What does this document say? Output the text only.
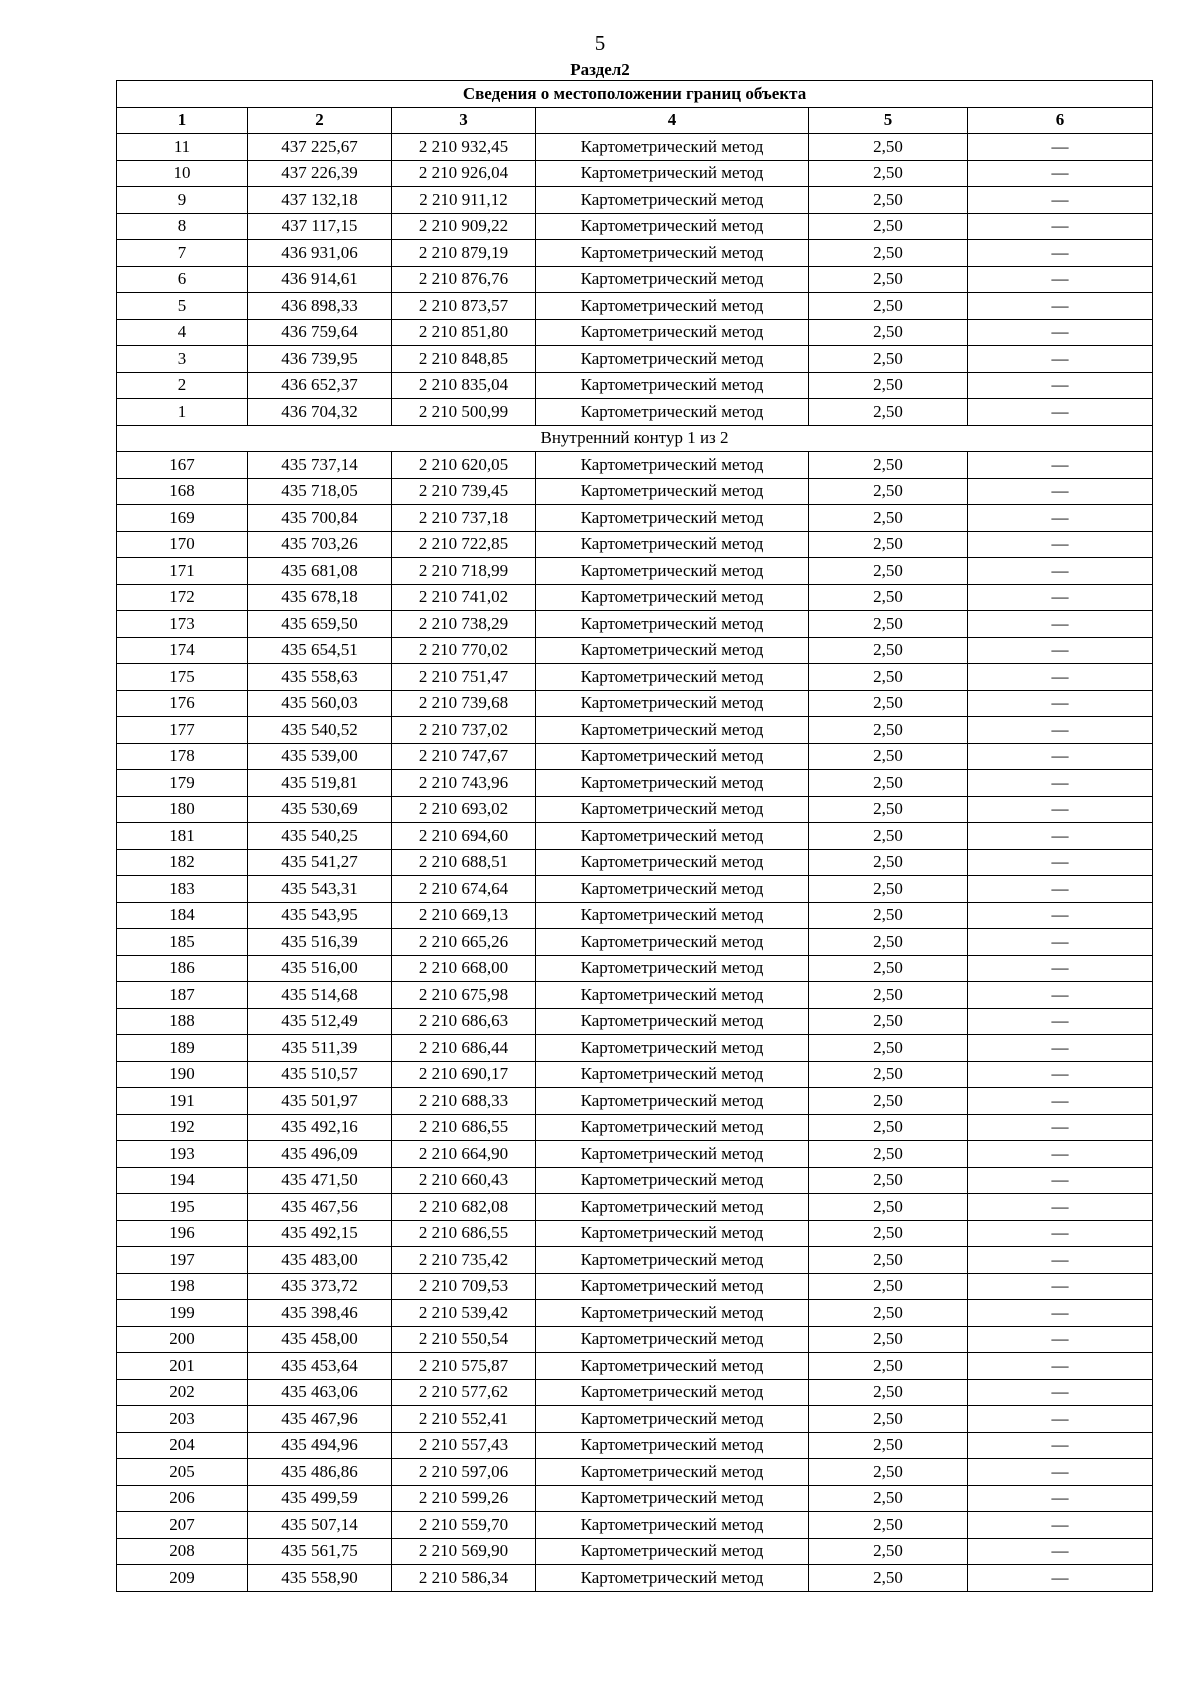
5
Раздел2
Сведения о местоположении границ объекта					
1	2	3	4	5	6
11	437 225,67	2 210 932,45	Картометрический метод	2,50	—
10	437 226,39	2 210 926,04	Картометрический метод	2,50	—
9	437 132,18	2 210 911,12	Картометрический метод	2,50	—
8	437 117,15	2 210 909,22	Картометрический метод	2,50	—
7	436 931,06	2 210 879,19	Картометрический метод	2,50	—
6	436 914,61	2 210 876,76	Картометрический метод	2,50	—
5	436 898,33	2 210 873,57	Картометрический метод	2,50	—
4	436 759,64	2 210 851,80	Картометрический метод	2,50	—
3	436 739,95	2 210 848,85	Картометрический метод	2,50	—
2	436 652,37	2 210 835,04	Картометрический метод	2,50	—
1	436 704,32	2 210 500,99	Картометрический метод	2,50	—
Внутренний контур 1 из 2					
167	435 737,14	2 210 620,05	Картометрический метод	2,50	—
168	435 718,05	2 210 739,45	Картометрический метод	2,50	—
169	435 700,84	2 210 737,18	Картометрический метод	2,50	—
170	435 703,26	2 210 722,85	Картометрический метод	2,50	—
171	435 681,08	2 210 718,99	Картометрический метод	2,50	—
172	435 678,18	2 210 741,02	Картометрический метод	2,50	—
173	435 659,50	2 210 738,29	Картометрический метод	2,50	—
174	435 654,51	2 210 770,02	Картометрический метод	2,50	—
175	435 558,63	2 210 751,47	Картометрический метод	2,50	—
176	435 560,03	2 210 739,68	Картометрический метод	2,50	—
177	435 540,52	2 210 737,02	Картометрический метод	2,50	—
178	435 539,00	2 210 747,67	Картометрический метод	2,50	—
179	435 519,81	2 210 743,96	Картометрический метод	2,50	—
180	435 530,69	2 210 693,02	Картометрический метод	2,50	—
181	435 540,25	2 210 694,60	Картометрический метод	2,50	—
182	435 541,27	2 210 688,51	Картометрический метод	2,50	—
183	435 543,31	2 210 674,64	Картометрический метод	2,50	—
184	435 543,95	2 210 669,13	Картометрический метод	2,50	—
185	435 516,39	2 210 665,26	Картометрический метод	2,50	—
186	435 516,00	2 210 668,00	Картометрический метод	2,50	—
187	435 514,68	2 210 675,98	Картометрический метод	2,50	—
188	435 512,49	2 210 686,63	Картометрический метод	2,50	—
189	435 511,39	2 210 686,44	Картометрический метод	2,50	—
190	435 510,57	2 210 690,17	Картометрический метод	2,50	—
191	435 501,97	2 210 688,33	Картометрический метод	2,50	—
192	435 492,16	2 210 686,55	Картометрический метод	2,50	—
193	435 496,09	2 210 664,90	Картометрический метод	2,50	—
194	435 471,50	2 210 660,43	Картометрический метод	2,50	—
195	435 467,56	2 210 682,08	Картометрический метод	2,50	—
196	435 492,15	2 210 686,55	Картометрический метод	2,50	—
197	435 483,00	2 210 735,42	Картометрический метод	2,50	—
198	435 373,72	2 210 709,53	Картометрический метод	2,50	—
199	435 398,46	2 210 539,42	Картометрический метод	2,50	—
200	435 458,00	2 210 550,54	Картометрический метод	2,50	—
201	435 453,64	2 210 575,87	Картометрический метод	2,50	—
202	435 463,06	2 210 577,62	Картометрический метод	2,50	—
203	435 467,96	2 210 552,41	Картометрический метод	2,50	—
204	435 494,96	2 210 557,43	Картометрический метод	2,50	—
205	435 486,86	2 210 597,06	Картометрический метод	2,50	—
206	435 499,59	2 210 599,26	Картометрический метод	2,50	—
207	435 507,14	2 210 559,70	Картометрический метод	2,50	—
208	435 561,75	2 210 569,90	Картометрический метод	2,50	—
209	435 558,90	2 210 586,34	Картометрический метод	2,50	—
